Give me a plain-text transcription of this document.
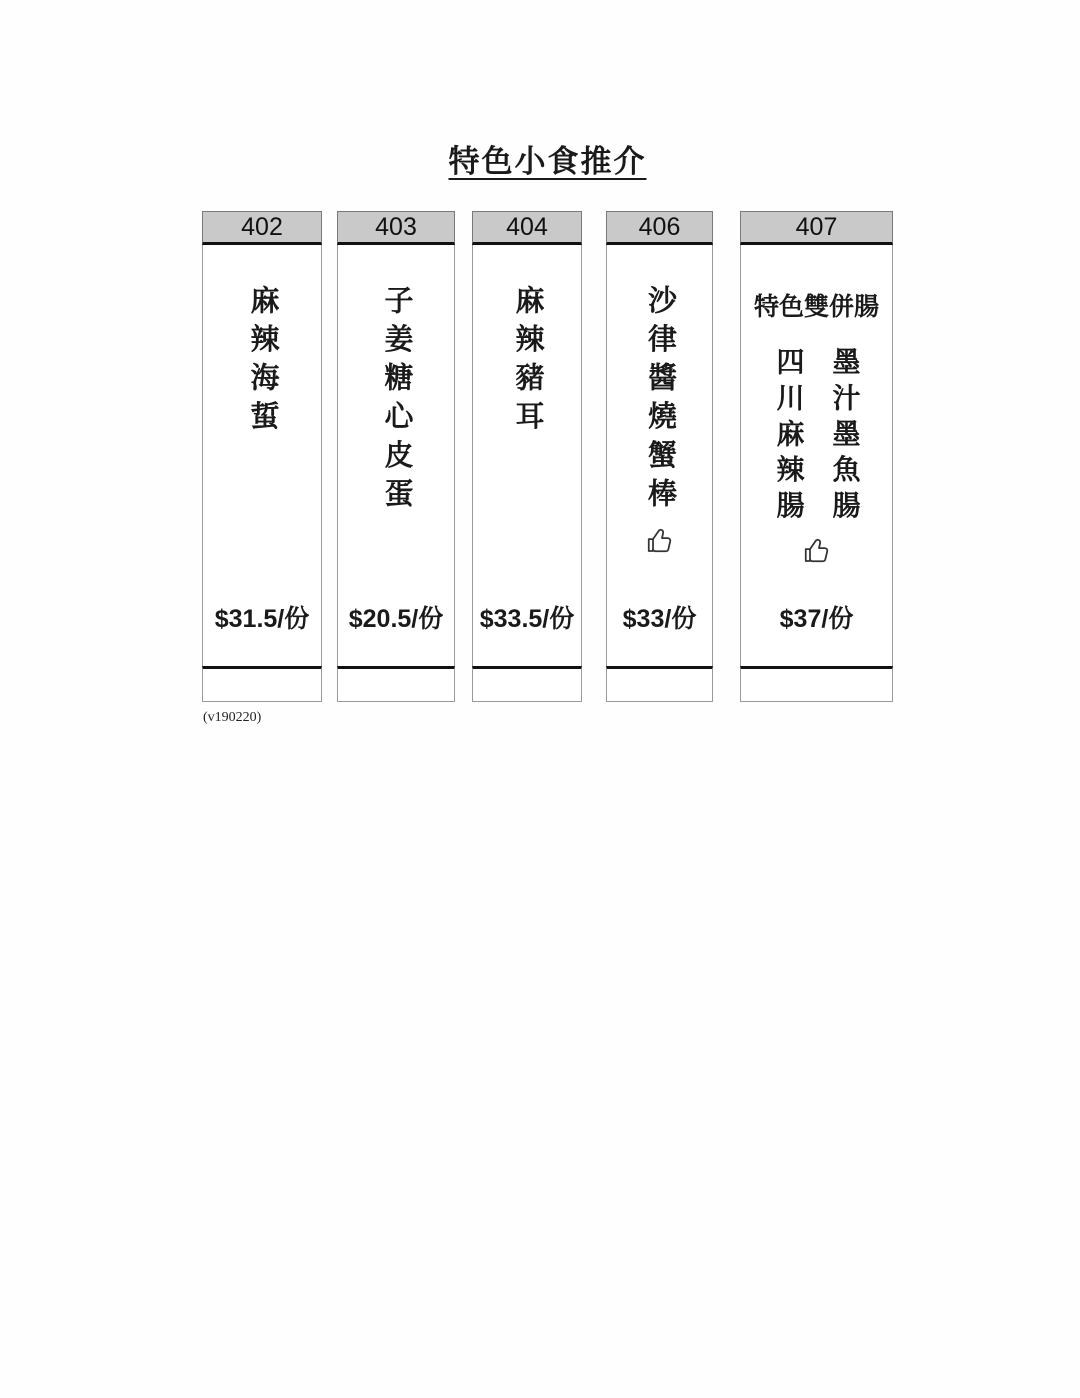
特色小食推介
402
麻辣海蜇
$31.5/份
403
子姜糖心皮蛋
$20.5/份
404
麻辣豬耳
$33.5/份
406
沙律醬燒蟹棒
$33/份
407
特色雙併腸
四川麻辣腸 墨汁墨魚腸
$37/份
(v190220)
